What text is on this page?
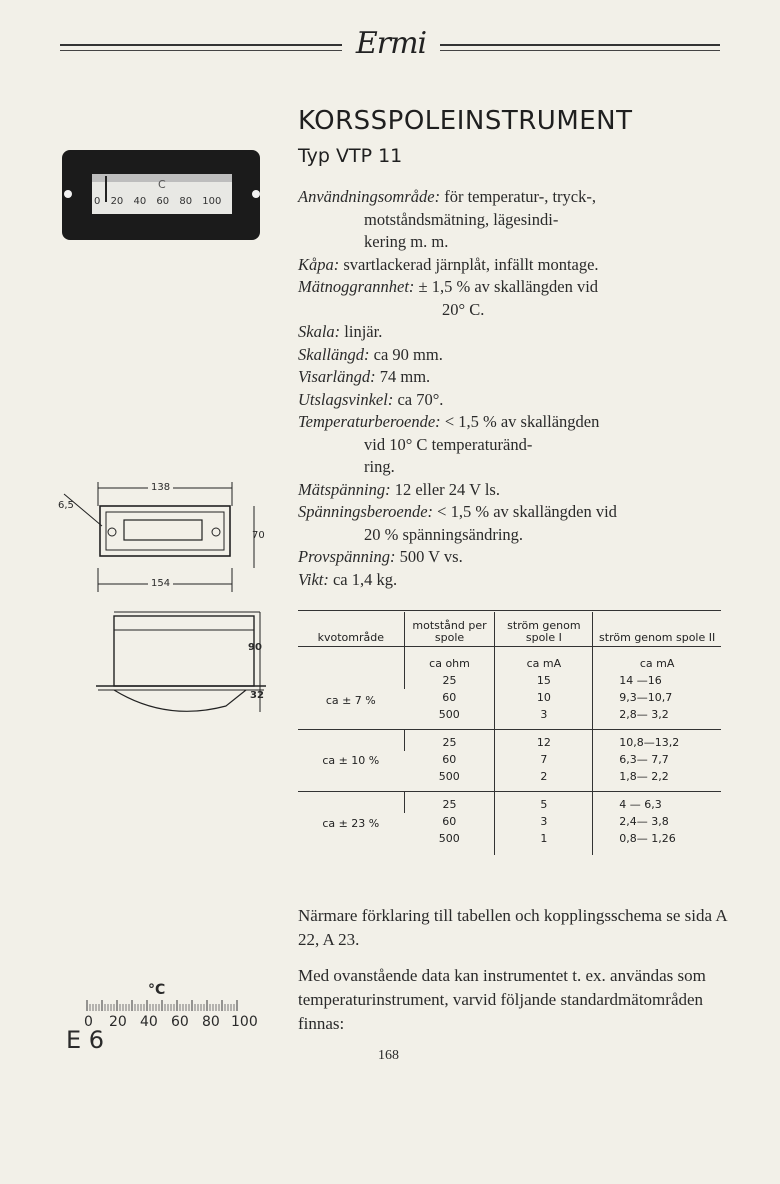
Ermi
KORSSPOLEINSTRUMENT
Typ VTP 11
0 20 40 60 80 100
C

Användningsområde: för temperatur-, tryck-,

motståndsmätning, lägesindi-

kering m. m.

Kåpa: svartlackerad järnplåt, infällt montage.

Mätnoggrannhet: ± 1,5 % av skallängden vid

20° C.

Skala: linjär.

Skallängd: ca 90 mm.

Visarlängd: 74 mm.

Utslagsvinkel: ca 70°.

Temperaturberoende: < 1,5 % av skallängden

vid 10° C temperaturänd-

ring.

Mätspänning: 12 eller 24 V ls.

Spänningsberoende: < 1,5 % av skallängden vid

20 % spänningsändring.

Provspänning: 500 V vs.

Vikt: ca 1,4 kg.

138
6,5
70
154
90
32
kvotområde	motstånd per spole	ström genom spole I	ström genom spole II
	ca ohm	ca mA	ca mA
ca ± 7 %	25	15	14 —16
	60	10	9,3—10,7
	500	3	2,8— 3,2
ca ± 10 %	25	12	10,8—13,2
	60	7	6,3— 7,7
	500	2	1,8— 2,2
ca ± 23 %	25	5	4 — 6,3
	60	3	2,4— 3,8
	500	1	0,8— 1,26
Närmare förklaring till tabellen och kopplingsschema se sida A 22, A 23.
Med ovanstående data kan instrumentet t. ex. användas som temperaturinstrument, varvid följande standardmätområden finnas:
°C
0 20 40 60 80 100
E 6
168
